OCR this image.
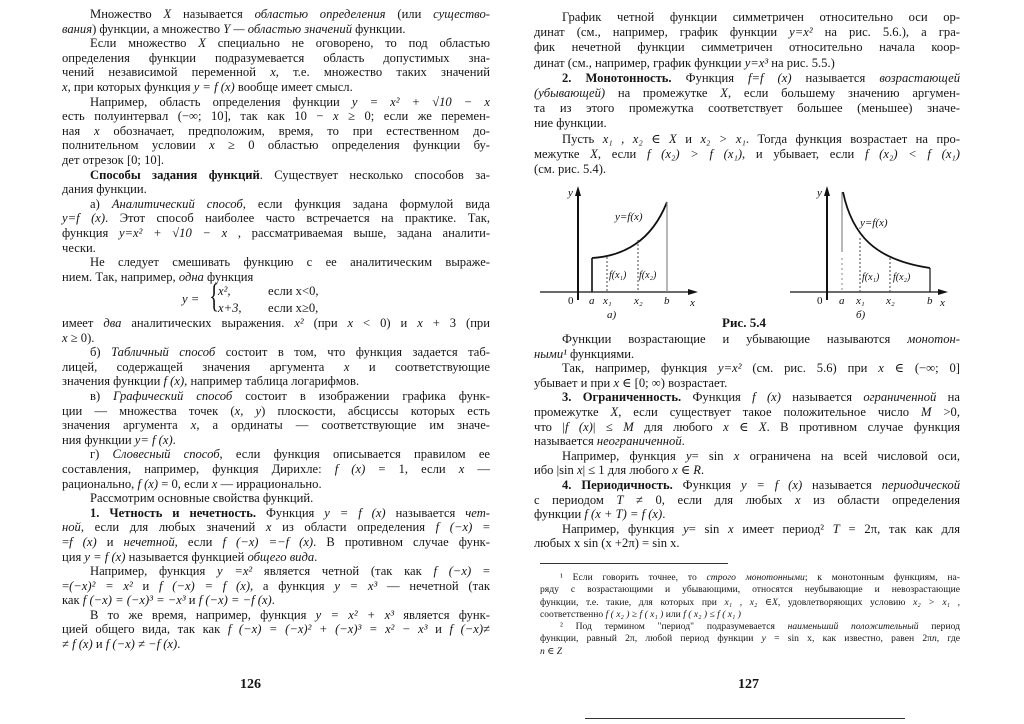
Множество X называется областью определения (или существо-
вания) функции, а множество Y — областью значений функции.
Если множество X специально не оговорено, то под областью
определения функции подразумевается область допустимых зна-
чений независимой переменной x, т.е. множество таких значений
x, при которых функция y = f (x) вообще имеет смысл.
Например, область определения функции y = x² + √10 − x
есть полуинтервал (−∞; 10], так как 10 − x ≥ 0; если же перемен-
ная x обозначает, предположим, время, то при естественном до-
полнительном условии x ≥ 0 областью определения функции бу-
дет отрезок [0; 10].
Способы задания функций. Существует несколько способов за-
дания функции.
а) Аналитический способ, если функция задана формулой вида
y=f (x). Этот способ наиболее часто встречается на практике. Так,
функция y=x² + √10 − x , рассматриваемая выше, задана аналити-
чески.
Не следует смешивать функцию с ее аналитическим выраже-
нием. Так, например, одна функция
y = {
x²,	если x<0,
x+3, если x≥0,
имеет два аналитических выражения. x² (при x < 0) и x + 3 (при
x ≥ 0).
б) Табличный способ состоит в том, что функция задается таб-
лицей, содержащей значения аргумента x и соответствующие
значения функции f (x), например таблица логарифмов.
в) Графический способ состоит в изображении графика функ-
ции — множества точек (x, y) плоскости, абсциссы которых есть
значения аргумента x, а ординаты — соответствующие им значе-
ния функции y= f (x).
г) Словесный способ, если функция описывается правилом ее
составления, например, функция Дирихле: f (x) = 1, если x —
рационально, f (x) = 0, если x — иррационально.
Рассмотрим основные свойства функций.
1. Четность и нечетность. Функция y = f (x) называется чет-
ной, если для любых значений x из области определения f (−x) =
=f (x) и нечетной, если f (−x) =−f (x). В противном случае функ-
ция y = f (x) называется функцией общего вида.
Например, функция y =x² является четной (так как f (−x) =
=(−x)² = x² и f (−x) = f (x), а функция y = x³ — нечетной (так
как f (−x) = (−x)³ = −x³ и f (−x) = −f (x).
В то же время, например, функция y = x² + x³ является функ-
цией общего вида, так как f (−x) = (−x)² + (−x)³ = x² − x³ и f (−x)≠
≠ f (x) и f (−x) ≠ −f (x).
126
График четной функции симметричен относительно оси ор-
динат (см., например, график функции y=x² на рис. 5.6.), а гра-
фик нечетной функции симметричен относительно начала коор-
динат (см., например, график функции y=x³ на рис. 5.5.)
2. Монотонность. Функция f=f (x) называется возрастающей
(убывающей) на промежутке X, если большему значению аргумен-
та из этого промежутка соответствует большее (меньшее) значе-
ние функции.
Пусть x₁ , x₂ ∈ X и x₂ > x₁. Тогда функция возрастает на про-
межутке X, если f (x₂) > f (x₁), и убывает, если f (x₂) < f (x₁)
(см. рис. 5.4).
y
y=f(x)
f(x₁) f(x₂)
0 a x₁ x₂ b x
а)
y
y=f(x)
f(x₁) f(x₂)
0 a x₁ x₂	b x
б)
Рис. 5.4
Функции возрастающие и убывающие называются монотон-
ными¹ функциями.
Так, например, функция y=x² (см. рис. 5.6) при x ∈ (−∞; 0]
убывает и при x ∈ [0; ∞) возрастает.
3. Ограниченность. Функция f (x) называется ограниченной на
промежутке X, если существует такое положительное число M >0,
что |f (x)| ≤ M для любого x ∈ X. В противном случае функция
называется неограниченной.
Например, функция y= sin x ограничена на всей числовой оси,
ибо |sin x| ≤ 1 для любого x ∈ R.
4. Периодичность. Функция y = f (x) называется периодической
с периодом T ≠ 0, если для любых x из области определения
функции f (x + T) = f (x).
Например, функция y= sin x имеет период² T = 2π, так как для
любых x sin (x +2π) = sin x.
¹ Если говорить точнее, то строго монотонными; к монотонным функциям, на-
ряду с возрастающими и убывающими, относятся неубывающие и невозрастающие
функции, т.е. такие, для которых при x₁ , x₂ ∈X, удовлетворяющих условию x₂ > x₁ ,
соответственно f ( x₂ ) ≥ f ( x₁ ) или f ( x₂ ) ≤ f ( x₁ )
² Под термином "период" подразумевается наименьший положительный период
функции, равный 2π, любой период функции y = sin x, как известно, равен 2πn, где
n ∈ Z
127
